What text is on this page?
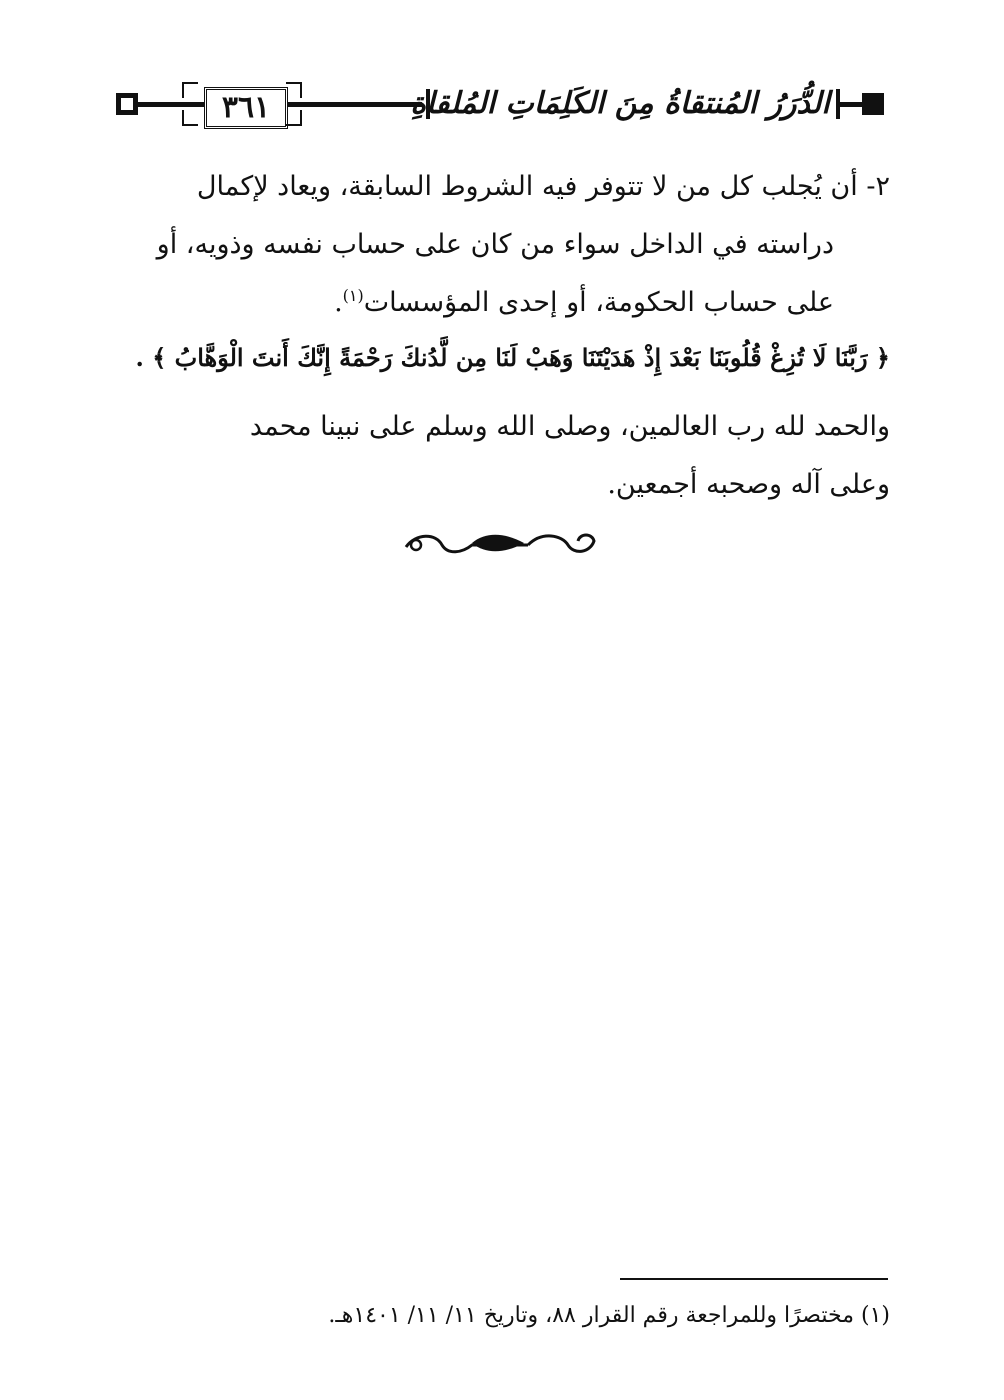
٣٦١	الدُّرَرُ المُنتقاةُ مِنَ الكَلِمَاتِ المُلقاةِ
٢- أن يُجلب كل من لا تتوفر فيه الشروط السابقة، ويعاد لإكمال
دراسته في الداخل سواء من كان على حساب نفسه وذويه، أو
على حساب الحكومة، أو إحدى المؤسسات$^{(١)}$.
﴿ رَبَّنَا لَا تُزِغْ قُلُوبَنَا بَعْدَ إِذْ هَدَيْتَنَا وَهَبْ لَنَا مِن لَّدُنكَ رَحْمَةً إِنَّكَ أَنتَ الْوَهَّابُ ﴾ .
والحمد لله رب العالمين، وصلى الله وسلم على نبينا محمد
وعلى آله وصحبه أجمعين.
(١) مختصرًا وللمراجعة رقم القرار ٨٨، وتاريخ ١١/ ١١/ ١٤٠١هـ.
